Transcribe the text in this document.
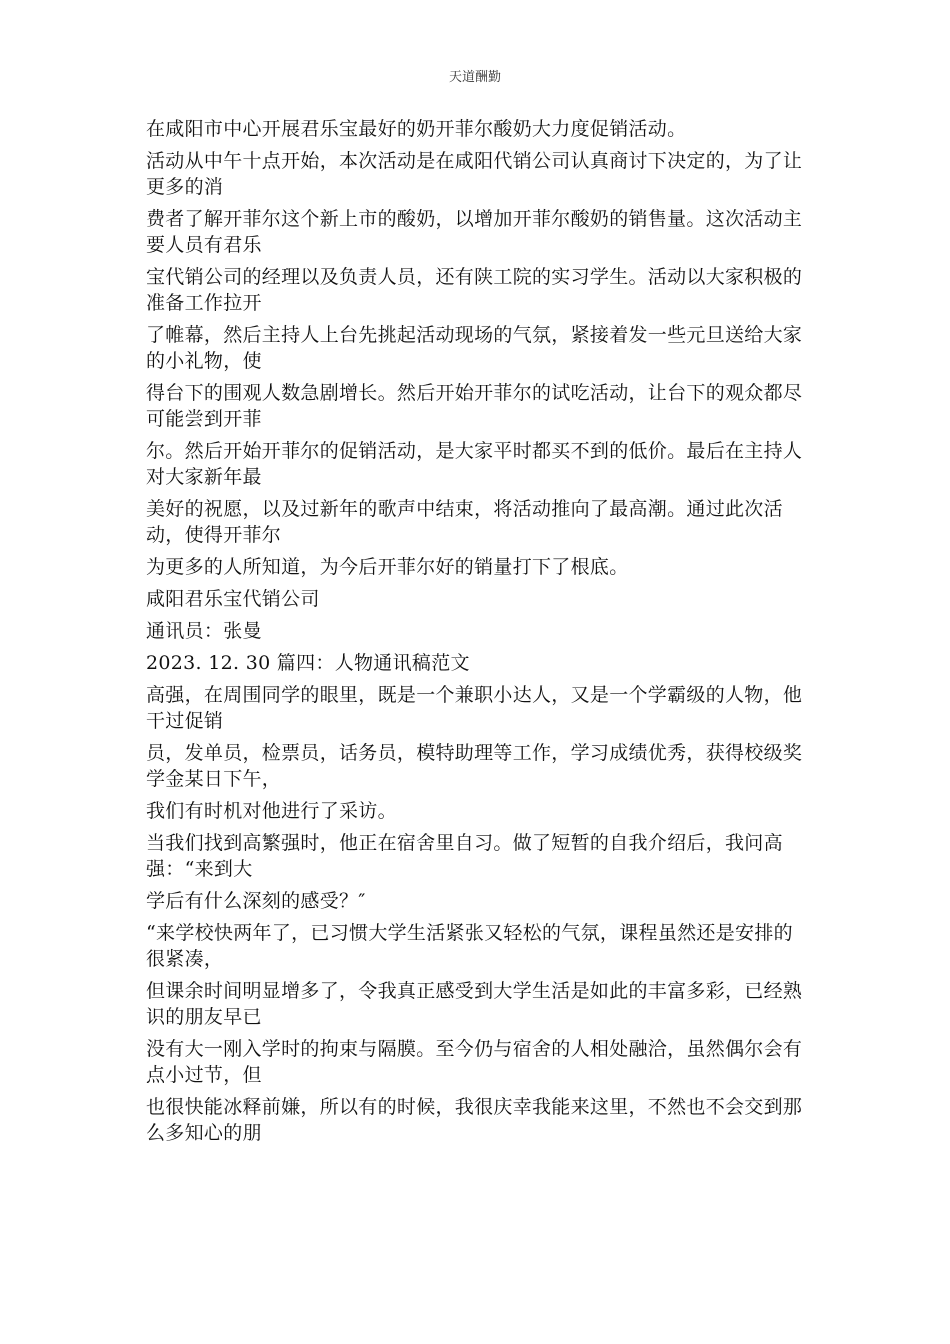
天道酬勤

在咸阳市中心开展君乐宝最好的奶开菲尔酸奶大力度促销活动。

活动从中午十点开始，本次活动是在咸阳代销公司认真商讨下决定的，为了让更多的消

费者了解开菲尔这个新上市的酸奶，以增加开菲尔酸奶的销售量。这次活动主要人员有君乐

宝代销公司的经理以及负责人员，还有陕工院的实习学生。活动以大家积极的准备工作拉开

了帷幕，然后主持人上台先挑起活动现场的气氛，紧接着发一些元旦送给大家的小礼物，使

得台下的围观人数急剧增长。然后开始开菲尔的试吃活动，让台下的观众都尽可能尝到开菲

尔。然后开始开菲尔的促销活动，是大家平时都买不到的低价。最后在主持人对大家新年最

美好的祝愿，以及过新年的歌声中结束，将活动推向了最高潮。通过此次活动，使得开菲尔

为更多的人所知道，为今后开菲尔好的销量打下了根底。

咸阳君乐宝代销公司

通讯员：张曼

2023. 12. 30 篇四：人物通讯稿范文

高强，在周围同学的眼里，既是一个兼职小达人，又是一个学霸级的人物，他干过促销

员，发单员，检票员，话务员，模特助理等工作，学习成绩优秀，获得校级奖学金某日下午，

我们有时机对他进行了采访。

当我们找到高繁强时，他正在宿舍里自习。做了短暂的自我介绍后，我问高强：“来到大

学后有什么深刻的感受？″

“来学校快两年了，已习惯大学生活紧张又轻松的气氛，课程虽然还是安排的很紧凑，

但课余时间明显增多了，令我真正感受到大学生活是如此的丰富多彩，已经熟识的朋友早已

没有大一刚入学时的拘束与隔膜。至今仍与宿舍的人相处融洽，虽然偶尔会有点小过节，但

也很快能冰释前嫌，所以有的时候，我很庆幸我能来这里，不然也不会交到那么多知心的朋
